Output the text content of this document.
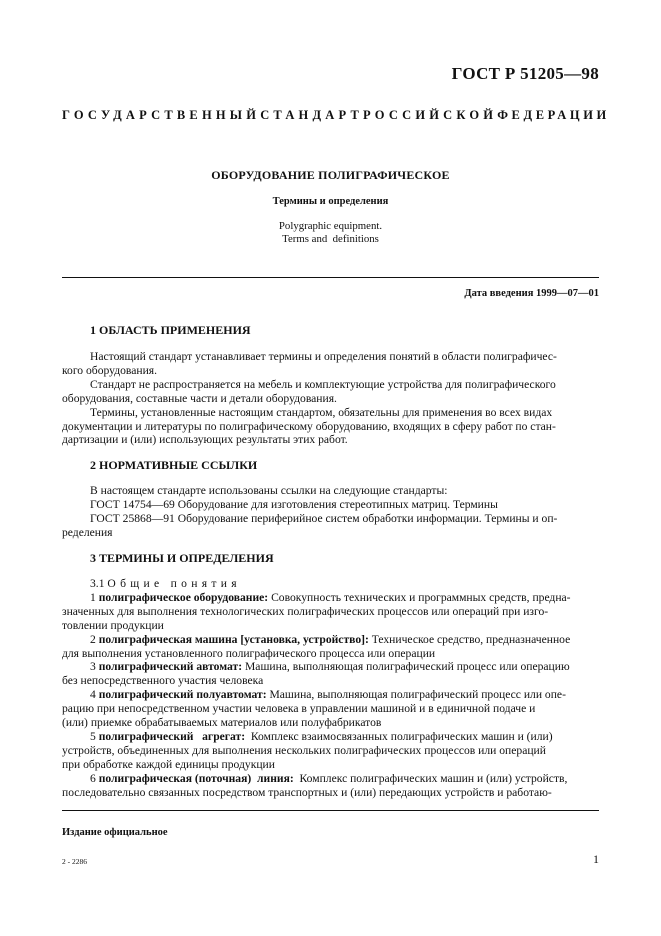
ГОСТ Р 51205—98
ГОСУДАРСТВЕННЫЙ СТАНДАРТ РОССИЙСКОЙ ФЕДЕРАЦИИ
ОБОРУДОВАНИЕ ПОЛИГРАФИЧЕСКОЕ
Термины и определения
Polygraphic equipment.
Terms and  definitions
Дата введения 1999—07—01
1 ОБЛАСТЬ ПРИМЕНЕНИЯ
Настоящий стандарт устанавливает термины и определения понятий в области полиграфичес-
кого оборудования.
Стандарт не распространяется на мебель и комплектующие устройства для полиграфического
оборудования, составные части и детали оборудования.
Термины, установленные настоящим стандартом, обязательны для применения во всех видах
документации и литературы по полиграфическому оборудованию, входящих в сферу работ по стан-
дартизации и (или) использующих результаты этих работ.
2 НОРМАТИВНЫЕ ССЫЛКИ
В настоящем стандарте использованы ссылки на следующие стандарты:
ГОСТ 14754—69 Оборудование для изготовления стереотипных матриц. Термины
ГОСТ 25868—91 Оборудование периферийное систем обработки информации. Термины и оп-
ределения
3 ТЕРМИНЫ И ОПРЕДЕЛЕНИЯ
3.1 Общие понятия
1 полиграфическое оборудование: Совокупность технических и программных средств, предна-
значенных для выполнения технологических полиграфических процессов или операций при изго-
товлении продукции
2 полиграфическая машина [установка, устройство]: Техническое средство, предназначенное
для выполнения установленного полиграфического процесса или операции
3 полиграфический автомат: Машина, выполняющая полиграфический процесс или операцию
без непосредственного участия человека
4 полиграфический полуавтомат: Машина, выполняющая полиграфический процесс или опе-
рацию при непосредственном участии человека в управлении машиной и в единичной подаче и
(или) приемке обрабатываемых материалов или полуфабрикатов
5 полиграфический   агрегат:  Комплекс взаимосвязанных полиграфических машин и (или)
устройств, объединенных для выполнения нескольких полиграфических процессов или операций
при обработке каждой единицы продукции
6 полиграфическая (поточная)  линия:  Комплекс полиграфических машин и (или) устройств,
последовательно связанных посредством транспортных и (или) передающих устройств и работаю-
Издание официальное
2 - 2286	1
